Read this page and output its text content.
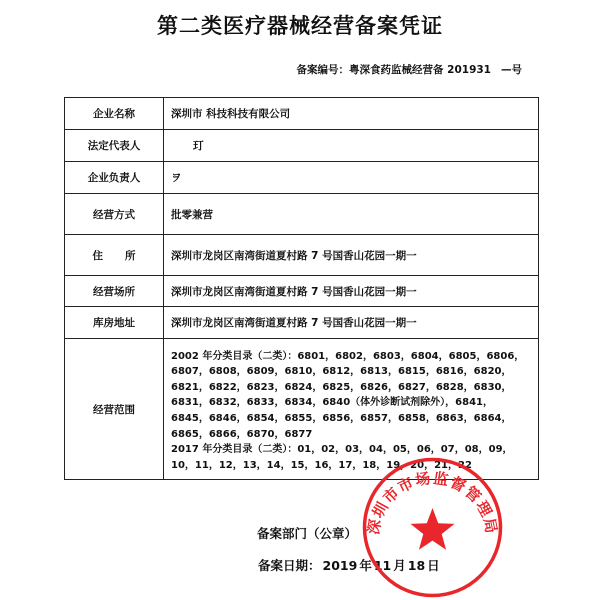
第二类医疗器械经营备案凭证
备案编号：粤深食药监械经营备 201931 —号
企业名称	深圳市 科技科技有限公司
法定代表人	玎
企业负责人	ヲ
经营方式	批零兼营
住所	深圳市龙岗区南湾街道夏村路 7 号国香山花园一期一
经营场所	深圳市龙岗区南湾街道夏村路 7 号国香山花园一期一
库房地址	深圳市龙岗区南湾街道夏村路 7 号国香山花园一期一
经营范围	2002 年分类目录（二类）：6801，6802，6803，6804，6805，6806，6807，6808，6809，6810，6812，6813，6815，6816，6820，6821，6822，6823，6824，6825，6826，6827，6828，6830，6831，6832，6833，6834，6840（体外诊断试剂除外），6841，6845，6846，6854，6855，6856，6857，6858，6863，6864，6865，6866，6870，6877
2017 年分类目录（二类）：01，02，03，04，05，06，07，08，09，10，11，12，13，14，15，16，17，18，19，20，21，22
备案部门（公章）
备案日期： 2019 年 11 月 18 日
深圳市市场监督管理局
